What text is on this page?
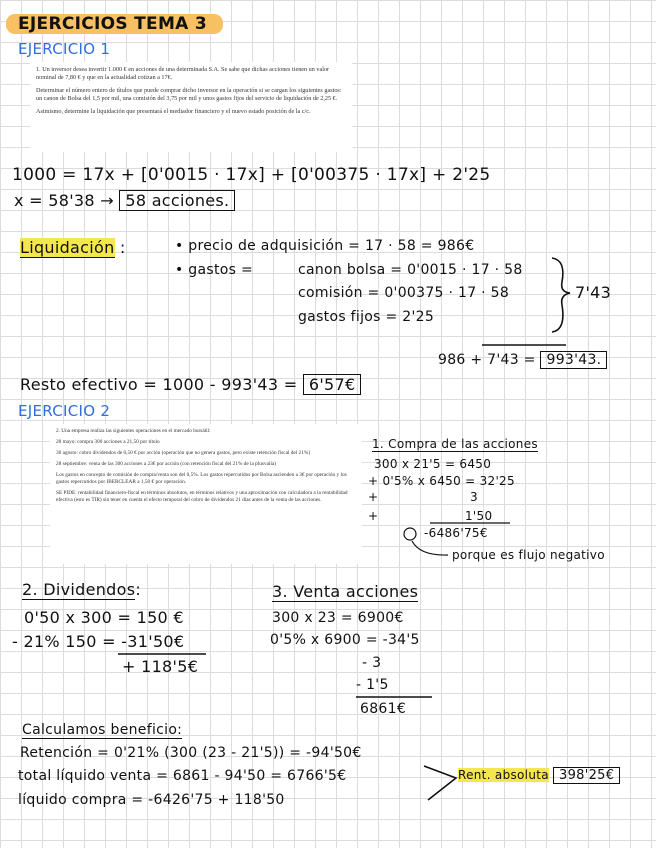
EJERCICIOS TEMA 3
EJERCICIO 1

1. Un inversor desea invertir 1.000 € en acciones de una determinada S.A. Se sabe que dichas acciones tienen un valor nominal de 7,80 € y que en la actualidad cotizan a 17€.

Determinar el número entero de títulos que puede comprar dicho inversor en la operación si se cargan los siguientes gastos: un canon de Bolsa del 1,5 por mil, una comisión del 3,75 por mil y unos gastos fijos del servicio de liquidación de 2,25 €.

Asimismo, determine la liquidación que presentará el mediador financiero y el nuevo estado posición de la c/c.

1000 = 17x + [0'0015 · 17x] + [0'00375 · 17x] + 2'25
x = 58'38 → 58 acciones.
Liquidación :	• precio de adquisición = 17 · 58 = 986€
• gastos =	canon bolsa = 0'0015 · 17 · 58
comisión = 0'00375 · 17 · 58
gastos fijos = 2'25
7'43
986 + 7'43 = 993'43.
Resto efectivo = 1000 - 993'43 = 6'57€
EJERCICIO 2

2. Una empresa realiza las siguientes operaciones en el mercado bursátil:

28 mayo: compra 300 acciones a 21,50 por título

30 agosto: cobro dividendos de 0,50 € por acción (operación que no genera gastos, pero existe retención fiscal del 21%)

28 septiembre: venta de las 300 acciones a 23€ por acción (con retención fiscal del 21% de la plusvalía)

Los gastos en concepto de comisión de compra/venta son del 0,5%. Los gastos repercutidos por Bolsa ascienden a 3€ por operación y los gastos repercutidos por IBERCLEAR a 1,50 € por operación.

SE PIDE: rentabilidad financiero-fiscal en términos absolutos, en términos relativos y una aproximación con calculadora a la rentabilidad efectiva (esto es TIR) sin tener en cuenta el efecto temporal del cobro de dividendos 21 días antes de la venta de las acciones.

1. Compra de las acciones
300 x 21'5 = 6450
+ 0'5% x 6450 = 32'25
+	3
+	1'50
-6486'75€
porque es flujo negativo
2. Dividendos:
0'50 x 300 = 150 €
- 21% 150 = -31'50€
+ 118'5€
3. Venta acciones
300 x 23 = 6900€
0'5% x 6900 = -34'5
- 3
- 1'5
6861€
Calculamos beneficio:
Retención = 0'21% (300 (23 - 21'5)) = -94'50€
total líquido venta = 6861 - 94'50 = 6766'5€
líquido compra = -6426'75 + 118'50
Rent. absoluta 398'25€
